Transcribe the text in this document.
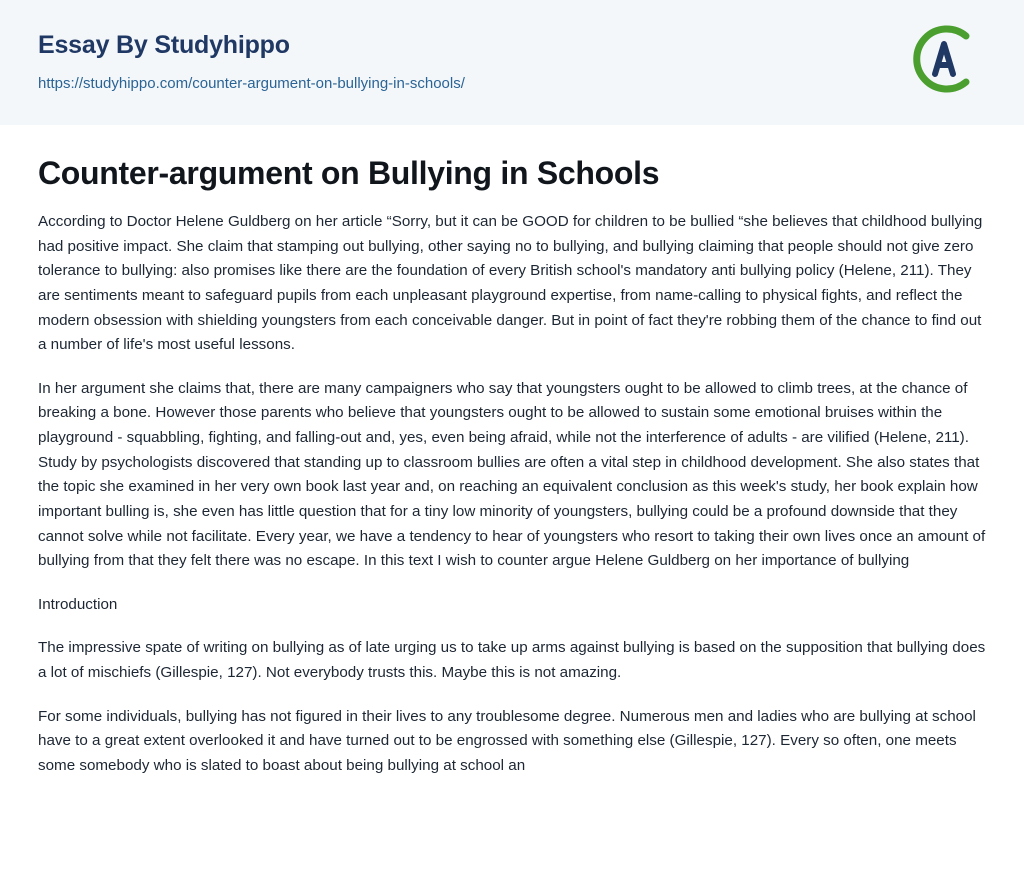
Essay By Studyhippo
https://studyhippo.com/counter-argument-on-bullying-in-schools/
Counter-argument on Bullying in Schools

According to Doctor Helene Guldberg on her article “Sorry, but it can be GOOD for children to be bullied “she believes that childhood bullying had positive impact. She claim that stamping out bullying, other saying no to bullying, and bullying claiming that people should not give zero tolerance to bullying: also promises like there are the foundation of every British school's mandatory anti bullying policy (Helene, 211). They are sentiments meant to safeguard pupils from each unpleasant playground expertise, from name-calling to physical fights, and reflect the modern obsession with shielding youngsters from each conceivable danger. But in point of fact they're robbing them of the chance to find out a number of life's most useful lessons.

In her argument she claims that, there are many campaigners who say that youngsters ought to be allowed to climb trees, at the chance of breaking a bone. However those parents who believe that youngsters ought to be allowed to sustain some emotional bruises within the playground - squabbling, fighting, and falling-out and, yes, even being afraid, while not the interference of adults - are vilified (Helene, 211). Study by psychologists discovered that standing up to classroom bullies are often a vital step in childhood development. She also states that the topic she examined in her very own book last year and, on reaching an equivalent conclusion as this week's study, her book explain how important bulling is, she even has little question that for a tiny low minority of youngsters, bullying could be a profound downside that they cannot solve while not facilitate. Every year, we have a tendency to hear of youngsters who resort to taking their own lives once an amount of bullying from that they felt there was no escape. In this text I wish to counter argue Helene Guldberg on her importance of bullying

Introduction

The impressive spate of writing on bullying as of late urging us to take up arms against bullying is based on the supposition that bullying does a lot of mischiefs (Gillespie, 127). Not everybody trusts this. Maybe this is not amazing.

For some individuals, bullying has not figured in their lives to any troublesome degree. Numerous men and ladies who are bullying at school have to a great extent overlooked it and have turned out to be engrossed with something else (Gillespie, 127). Every so often, one meets some somebody who is slated to boast about being bullying at school an
